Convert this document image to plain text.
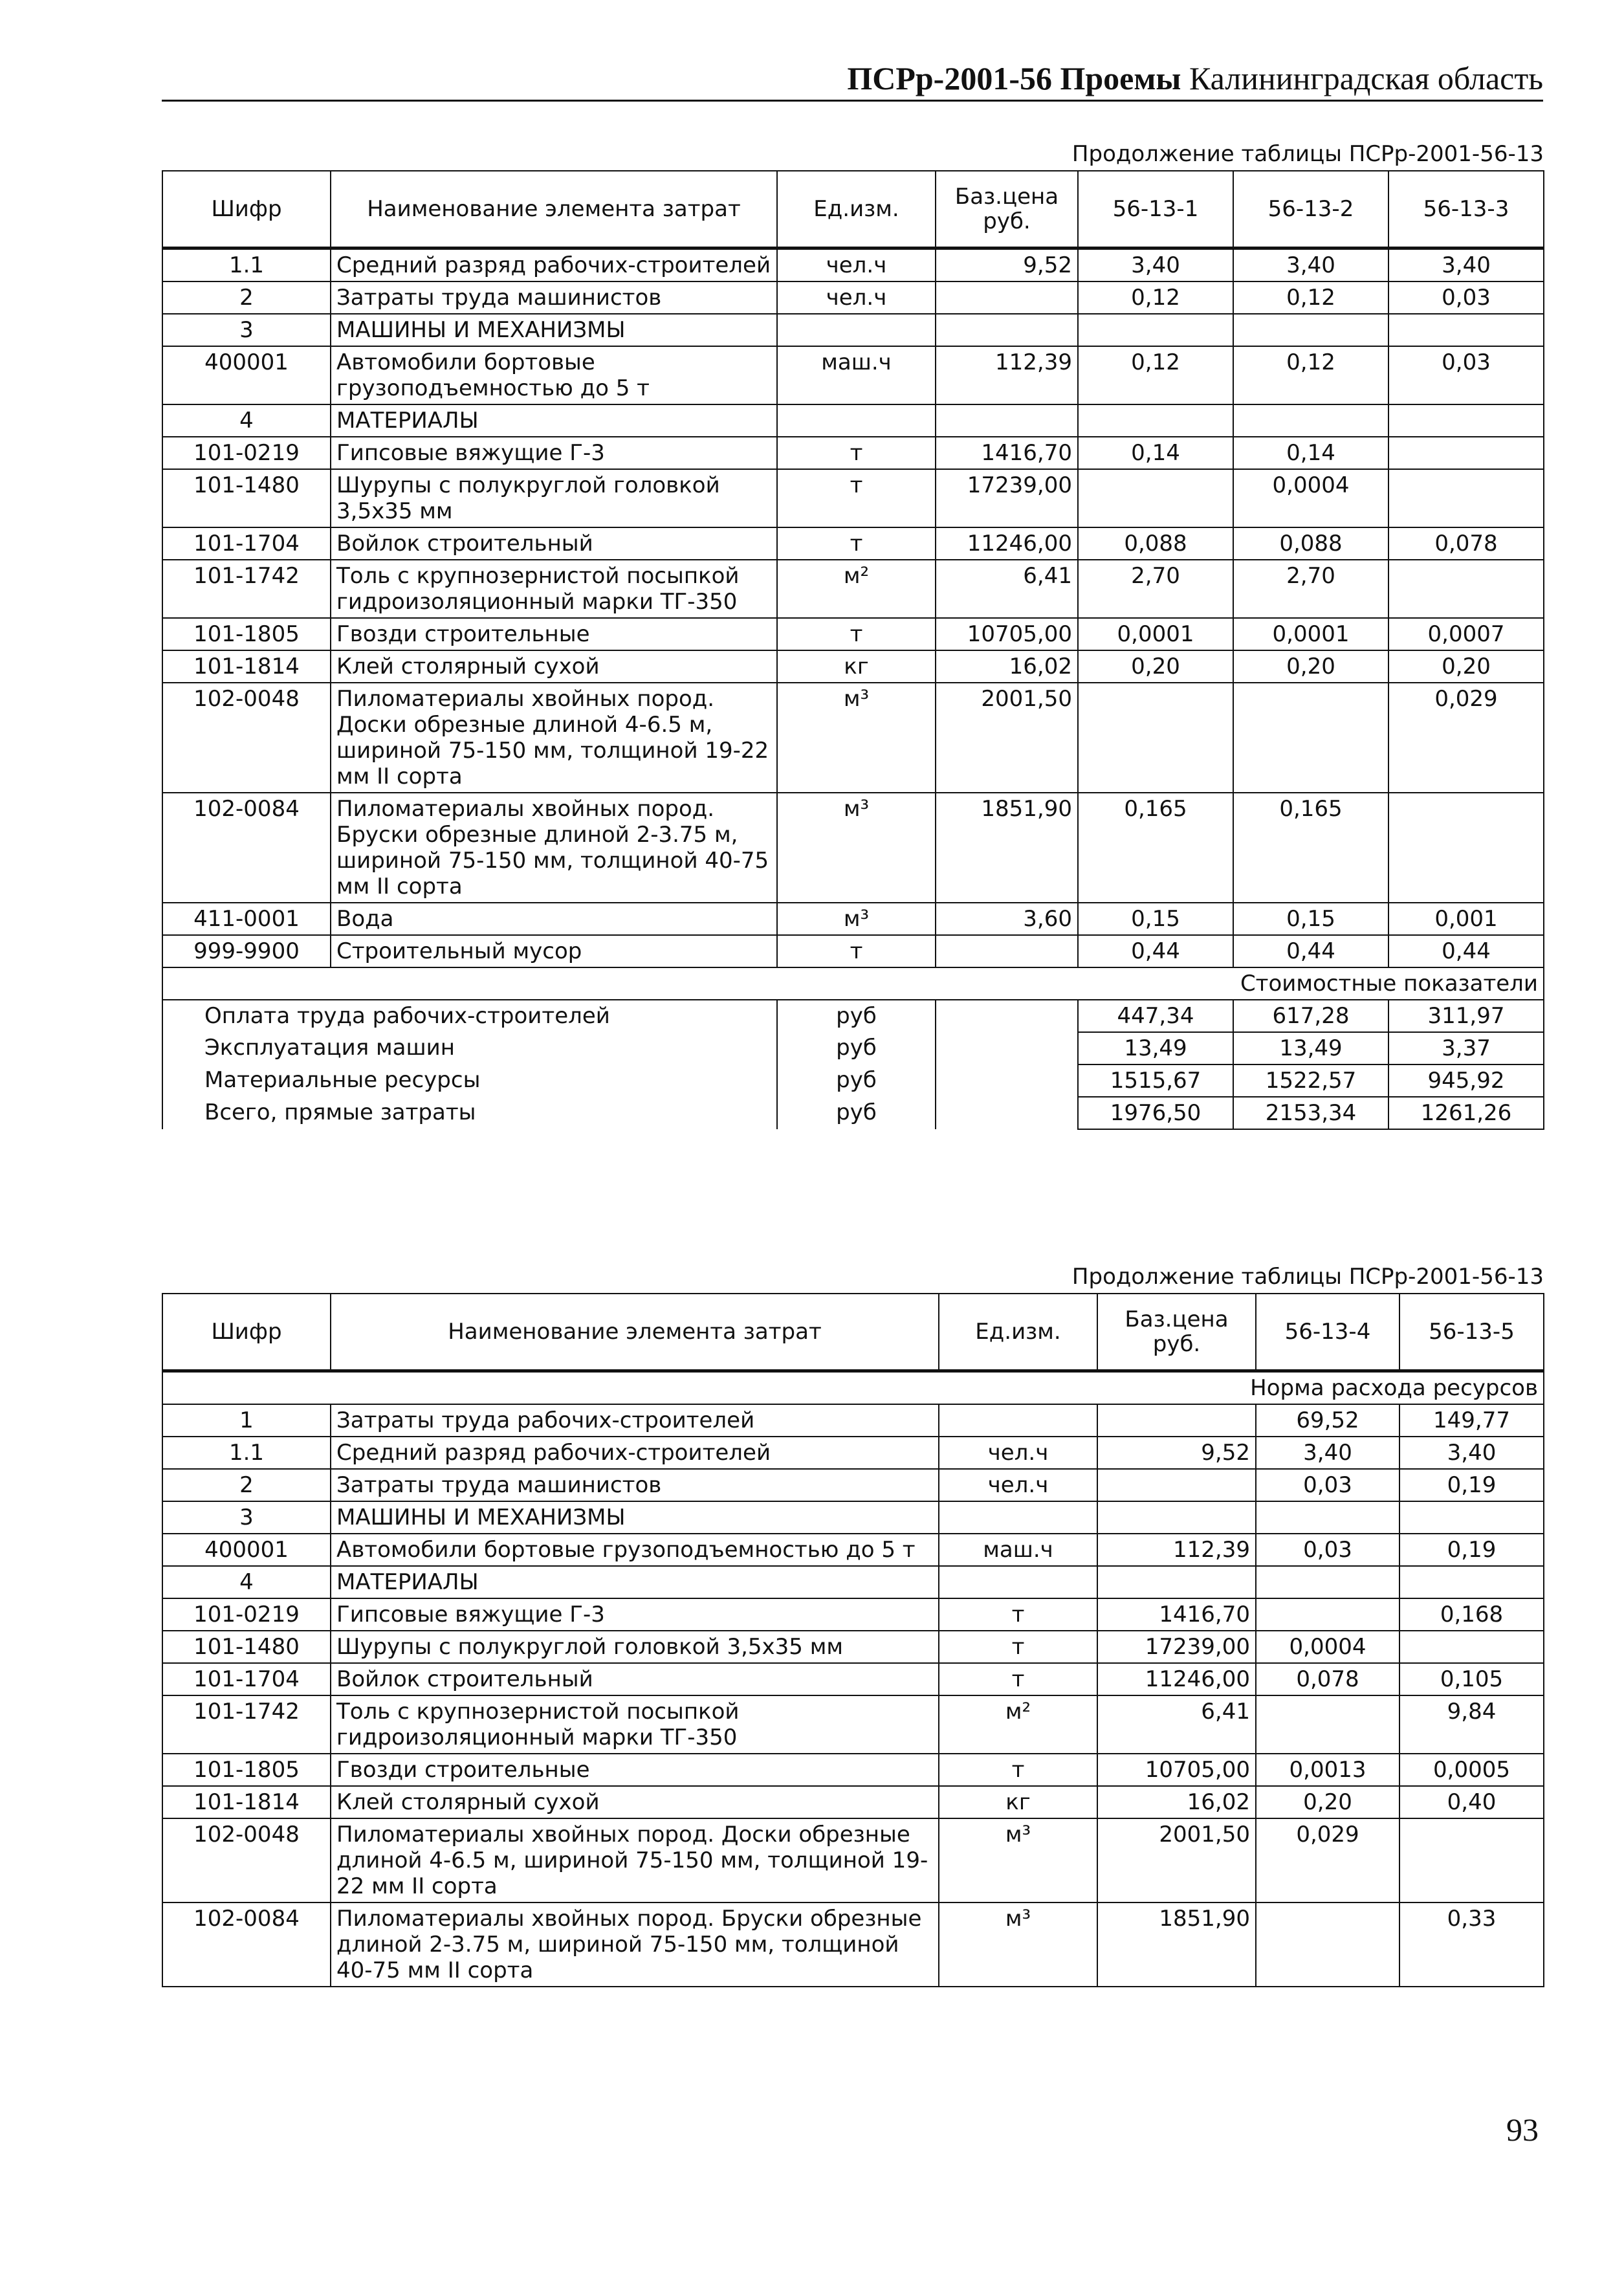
ПСРр-2001-56 Проемы Калининградская область
Продолжение таблицы ПСРр-2001-56-13
Шифр	Наименование элемента затрат	Ед.изм.	Баз.цена руб.	56-13-1	56-13-2	56-13-3
1.1	Средний разряд рабочих-строителей	чел.ч	9,52	3,40	3,40	3,40
2	Затраты труда машинистов	чел.ч		0,12	0,12	0,03
3	МАШИНЫ И МЕХАНИЗМЫ					
400001	Автомобили бортовые грузоподъемностью до 5 т	маш.ч	112,39	0,12	0,12	0,03
4	МАТЕРИАЛЫ					
101-0219	Гипсовые вяжущие Г-3	т	1416,70	0,14	0,14	
101-1480	Шурупы с полукруглой головкой 3,5х35 мм	т	17239,00		0,0004	
101-1704	Войлок строительный	т	11246,00	0,088	0,088	0,078
101-1742	Толь с крупнозернистой посыпкой гидроизоляционный марки ТГ-350	м²	6,41	2,70	2,70	
101-1805	Гвозди строительные	т	10705,00	0,0001	0,0001	0,0007
101-1814	Клей столярный сухой	кг	16,02	0,20	0,20	0,20
102-0048	Пиломатериалы хвойных пород. Доски обрезные длиной 4-6.5 м, шириной 75-150 мм, толщиной 19-22 мм II сорта	м³	2001,50			0,029
102-0084	Пиломатериалы хвойных пород. Бруски обрезные длиной 2-3.75 м, шириной 75-150 мм, толщиной 40-75 мм II сорта	м³	1851,90	0,165	0,165	
411-0001	Вода	м³	3,60	0,15	0,15	0,001
999-9900	Строительный мусор	т		0,44	0,44	0,44
Стоимостные показатели						
Оплата труда рабочих-строителей		руб		447,34	617,28	311,97
Эксплуатация машин		руб		13,49	13,49	3,37
Материальные ресурсы		руб		1515,67	1522,57	945,92
Всего, прямые затраты		руб		1976,50	2153,34	1261,26
Продолжение таблицы ПСРр-2001-56-13
Шифр	Наименование элемента затрат	Ед.изм.	Баз.цена руб.	56-13-4	56-13-5
Норма расхода ресурсов					
1	Затраты труда рабочих-строителей			69,52	149,77
1.1	Средний разряд рабочих-строителей	чел.ч	9,52	3,40	3,40
2	Затраты труда машинистов	чел.ч		0,03	0,19
3	МАШИНЫ И МЕХАНИЗМЫ				
400001	Автомобили бортовые грузоподъемностью до 5 т	маш.ч	112,39	0,03	0,19
4	МАТЕРИАЛЫ				
101-0219	Гипсовые вяжущие Г-3	т	1416,70		0,168
101-1480	Шурупы с полукруглой головкой 3,5х35 мм	т	17239,00	0,0004	
101-1704	Войлок строительный	т	11246,00	0,078	0,105
101-1742	Толь с крупнозернистой посыпкой гидроизоляционный марки ТГ-350	м²	6,41		9,84
101-1805	Гвозди строительные	т	10705,00	0,0013	0,0005
101-1814	Клей столярный сухой	кг	16,02	0,20	0,40
102-0048	Пиломатериалы хвойных пород. Доски обрезные длиной 4-6.5 м, шириной 75-150 мм, толщиной 19-22 мм II сорта	м³	2001,50	0,029	
102-0084	Пиломатериалы хвойных пород. Бруски обрезные длиной 2-3.75 м, шириной 75-150 мм, толщиной 40-75 мм II сорта	м³	1851,90		0,33
93
